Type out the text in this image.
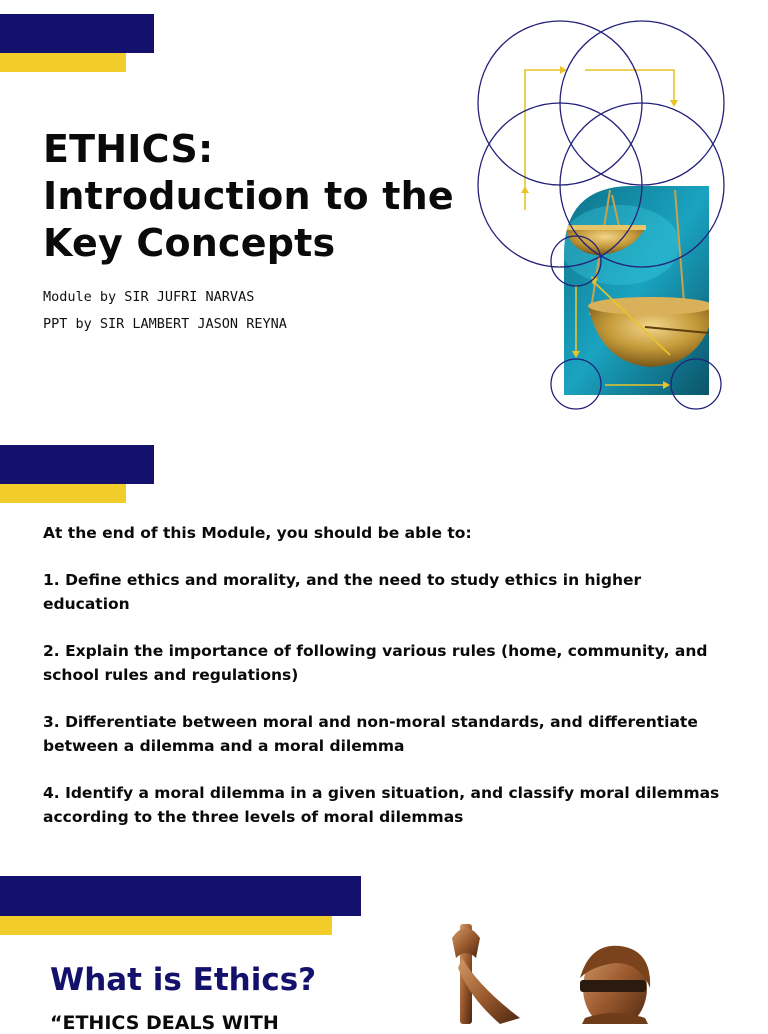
ETHICS:
Introduction to the
Key Concepts
Module by SIR JUFRI NARVAS
PPT by SIR LAMBERT JASON REYNA

At the end of this Module, you should be able to:

1. Define ethics and morality, and the need to study ethics in higher education

2. Explain the importance of following various rules (home, community, and school rules and regulations)

3. Differentiate between moral and non-moral standards, and differentiate between a dilemma and a moral dilemma

4. Identify a moral dilemma in a given situation, and classify moral dilemmas according to the three levels of moral dilemmas

What is Ethics?
“ETHICS DEALS WITH
